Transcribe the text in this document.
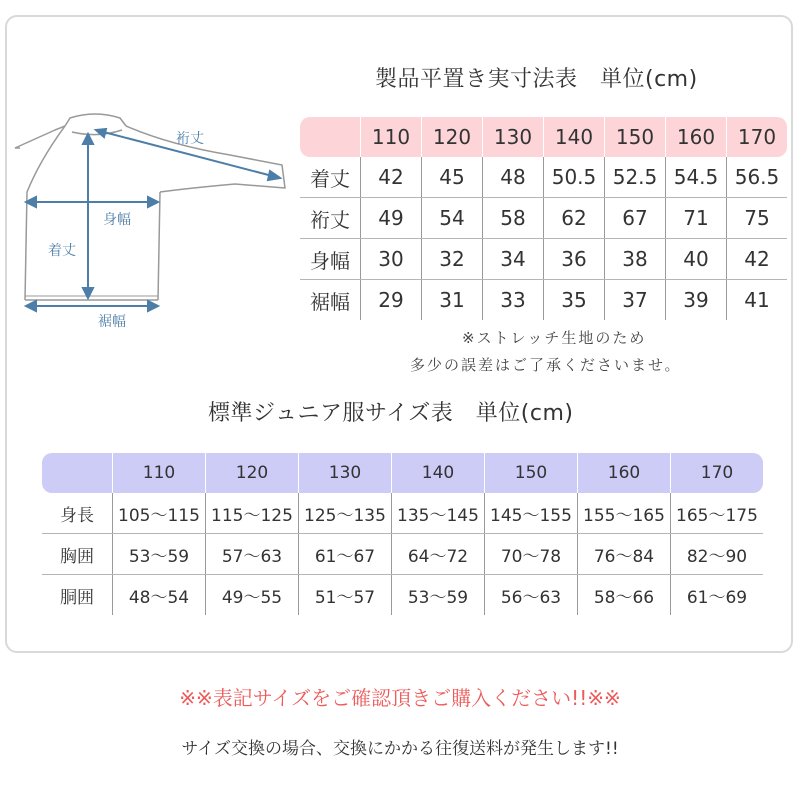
裄丈
身幅
着丈
裾幅
製品平置き実寸法表　単位(cm)
	110	120	130	140	150	160	170
着丈	42	45	48	50.5	52.5	54.5	56.5
裄丈	49	54	58	62	67	71	75
身幅	30	32	34	36	38	40	42
裾幅	29	31	33	35	37	39	41
※ストレッチ生地のため
多少の誤差はご了承くださいませ。
標準ジュニア服サイズ表　単位(cm)
	110	120	130	140	150	160	170
身長	105〜115	115〜125	125〜135	135〜145	145〜155	155〜165	165〜175
胸囲	53〜59	57〜63	61〜67	64〜72	70〜78	76〜84	82〜90
胴囲	48〜54	49〜55	51〜57	53〜59	56〜63	58〜66	61〜69
※※表記サイズをご確認頂きご購入ください!!※※
サイズ交換の場合、交換にかかる往復送料が発生します!!
